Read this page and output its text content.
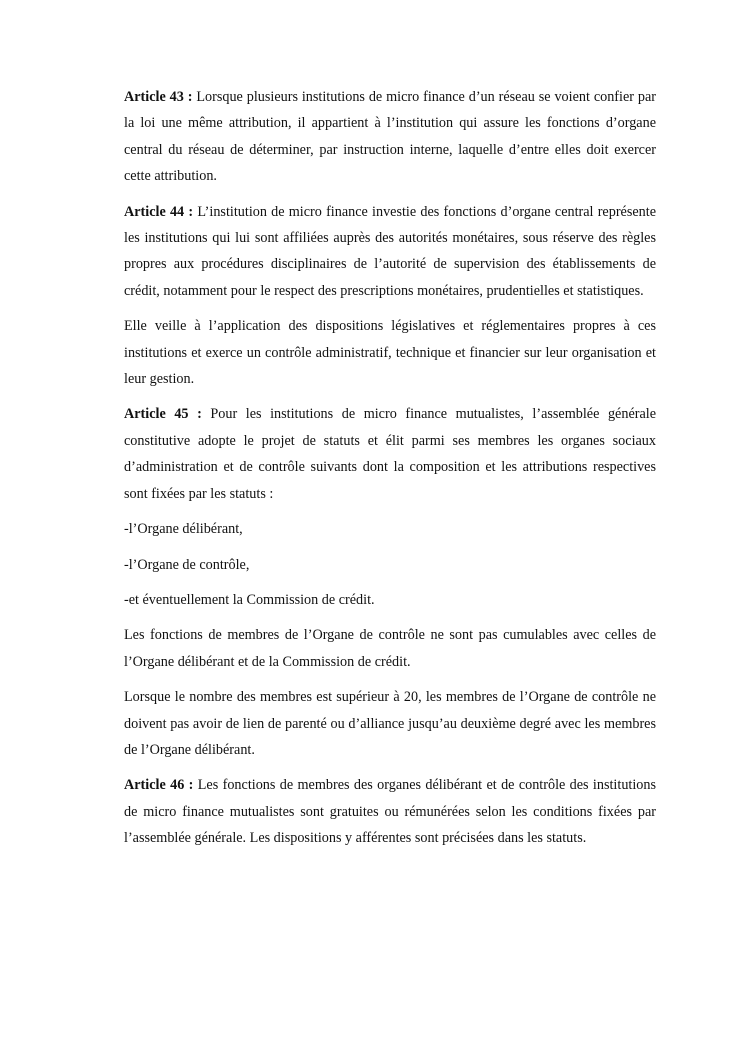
Article 43 : Lorsque plusieurs institutions de micro finance d’un réseau se voient confier par la loi une même attribution, il appartient à l’institution qui assure les fonctions d’organe central du réseau de déterminer, par instruction interne, laquelle d’entre elles doit exercer cette attribution.

Article 44 : L’institution de micro finance investie des fonctions d’organe central représente les institutions qui lui sont affiliées auprès des autorités monétaires, sous réserve des règles propres aux procédures disciplinaires de l’autorité de supervision des établissements de crédit, notamment pour le respect des prescriptions monétaires, prudentielles et statistiques.

Elle veille à l’application des dispositions législatives et réglementaires propres à ces institutions et exerce un contrôle administratif, technique et financier sur leur organisation et leur gestion.

Article 45 : Pour les institutions de micro finance mutualistes, l’assemblée générale constitutive adopte le projet de statuts et élit parmi ses membres les organes sociaux d’administration et de contrôle suivants dont la composition et les attributions respectives sont fixées par les statuts :

-l’Organe délibérant,

-l’Organe de contrôle,

-et éventuellement la Commission de crédit.

Les fonctions de membres de l’Organe de contrôle ne sont pas cumulables avec celles de l’Organe délibérant et de la Commission de crédit.

Lorsque le nombre des membres est supérieur à 20, les membres de l’Organe de contrôle ne doivent pas avoir de lien de parenté ou d’alliance jusqu’au deuxième degré avec les membres de l’Organe délibérant.

Article 46 : Les fonctions de membres des organes délibérant et de contrôle des institutions de micro finance mutualistes sont gratuites ou rémunérées selon les conditions fixées par l’assemblée générale. Les dispositions y afférentes sont précisées dans les statuts.
